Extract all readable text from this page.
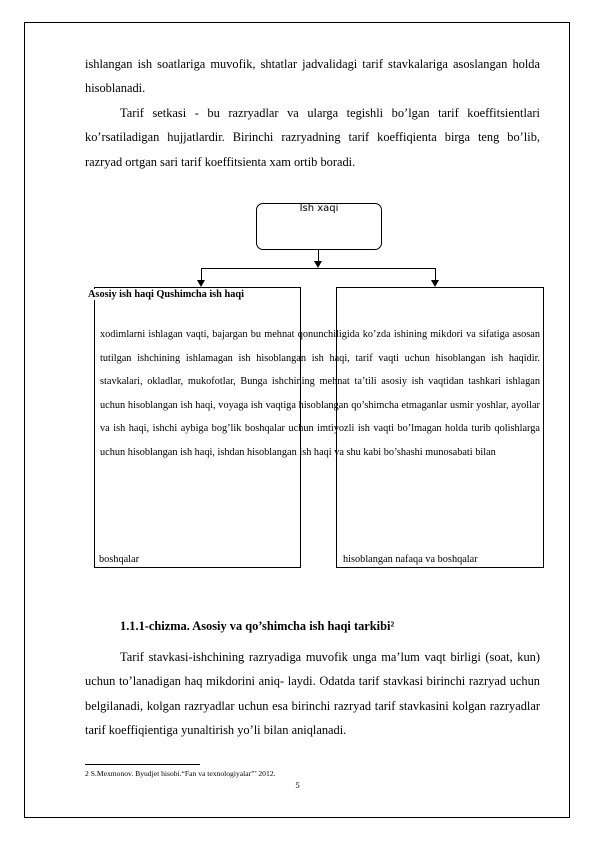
ishlangan ish soatlariga muvofik, shtatlar jadvalidagi tarif stavkalariga asoslangan holda hisoblanadi.

Tarif setkasi - bu razryadlar va ularga tegishli bo’lgan tarif koeffitsientlari ko’rsatiladigan hujjatlardir. Birinchi razryadning tarif koeffiqienta birga teng bo’lib, razryad ortgan sari tarif koeffitsienta xam ortib boradi.

Ish xaqi
Asosiy ish haqi Qushimcha ish haqi

xodimlarni ishlagan vaqti, bajargan bu mehnat qonunchiligida ko’zda ishining mikdori va sifatiga asosan tutilgan ishchining ishlamagan ish hisoblangan ish haqi, tarif vaqti uchun hisoblangan ish haqidir. stavkalari, okladlar, mukofotlar, Bunga ishchining mehnat ta’tili asosiy ish vaqtidan tashkari ishlagan uchun hisoblangan ish haqi, voyaga ish vaqtiga hisoblangan qo’shimcha etmaganlar usmir yoshlar, ayollar va ish haqi, ishchi aybiga bog’lik boshqalar uchun imtiyozli ish vaqti bo’lmagan holda turib qolishlarga uchun hisoblangan ish haqi, ishdan hisoblangan ish haqi va shu kabi bo’shashi munosabati bilan

boshqalar	hisoblangan nafaqa va boshqalar
1.1.1-chizma. Asosiy va qo’shimcha ish haqi tarkibi²

Tarif stavkasi-ishchining razryadiga muvofik unga ma’lum vaqt birligi (soat, kun) uchun to’lanadigan haq mikdorini aniq- laydi. Odatda tarif stavkasi birinchi razryad uchun belgilanadi, kolgan razryadlar uchun esa birinchi razryad tarif stavkasini kolgan razryadlar tarif koeffiqientiga yunaltirish yo’li bilan aniqlanadi.

2 S.Mexmonov. Byudjet hisobi.“Fan va texnologiyalar”’ 2012.
5
